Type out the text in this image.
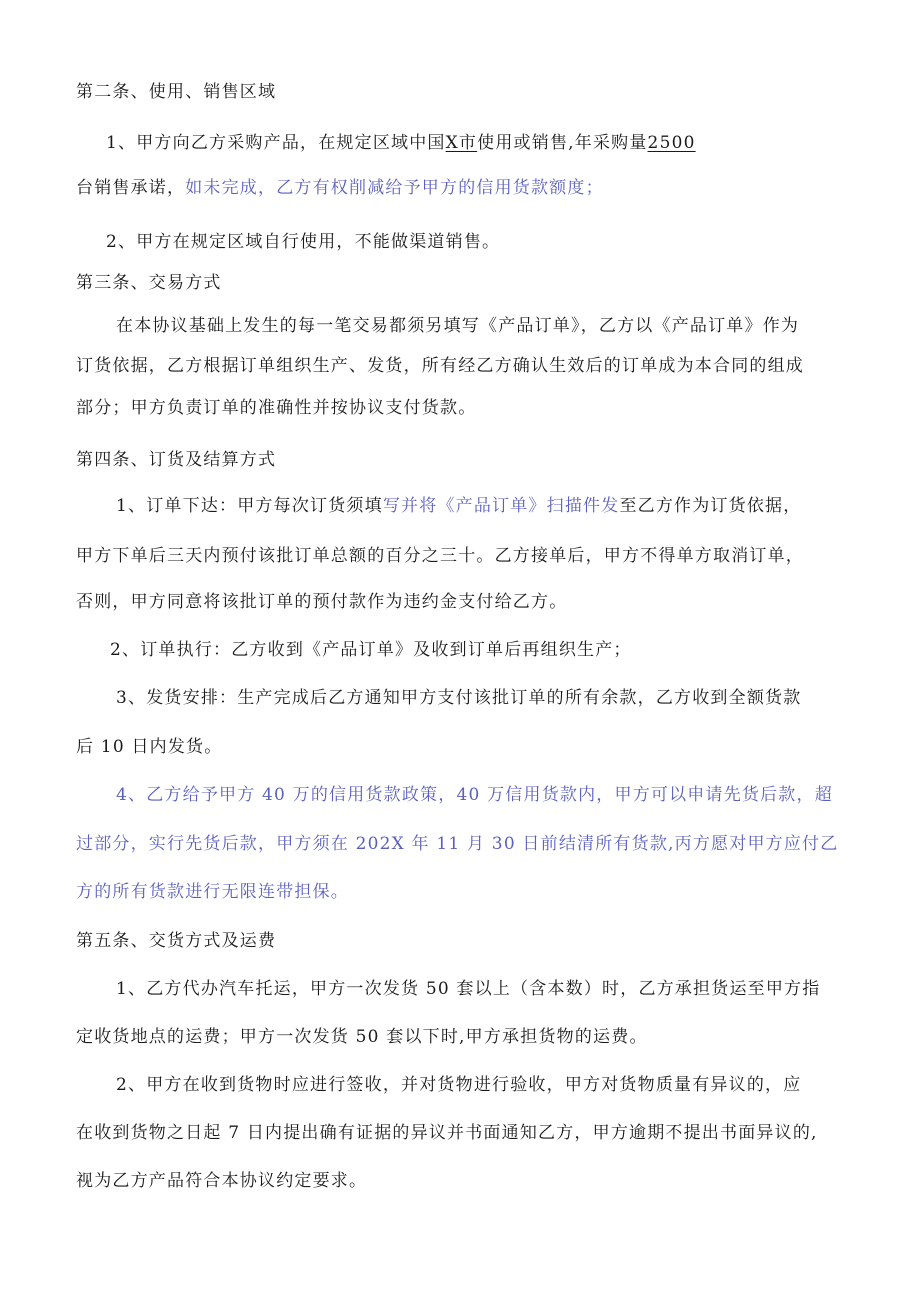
第二条、使用、销售区域
1、甲方向乙方采购产品，在规定区域中国X市使用或销售,年采购量2500
台销售承诺，如未完成，乙方有权削减给予甲方的信用货款额度；
2、甲方在规定区域自行使用，不能做渠道销售。
第三条、交易方式
在本协议基础上发生的每一笔交易都须另填写《产品订单》，乙方以《产品订单》作为
订货依据，乙方根据订单组织生产、发货，所有经乙方确认生效后的订单成为本合同的组成
部分；甲方负责订单的准确性并按协议支付货款。
第四条、订货及结算方式
1、订单下达：甲方每次订货须填写并将《产品订单》扫描件发至乙方作为订货依据，
甲方下单后三天内预付该批订单总额的百分之三十。乙方接单后，甲方不得单方取消订单，
否则，甲方同意将该批订单的预付款作为违约金支付给乙方。
2、订单执行：乙方收到《产品订单》及收到订单后再组织生产；
3、发货安排：生产完成后乙方通知甲方支付该批订单的所有余款，乙方收到全额货款
后 10 日内发货。
4、乙方给予甲方 40 万的信用货款政策，40 万信用货款内，甲方可以申请先货后款，超
过部分，实行先货后款，甲方须在 202X 年 11 月 30 日前结清所有货款,丙方愿对甲方应付乙
方的所有货款进行无限连带担保。
第五条、交货方式及运费
1、乙方代办汽车托运，甲方一次发货 50 套以上（含本数）时，乙方承担货运至甲方指
定收货地点的运费；甲方一次发货 50 套以下时,甲方承担货物的运费。
2、甲方在收到货物时应进行签收，并对货物进行验收，甲方对货物质量有异议的，应
在收到货物之日起 7 日内提出确有证据的异议并书面通知乙方，甲方逾期不提出书面异议的,
视为乙方产品符合本协议约定要求。
